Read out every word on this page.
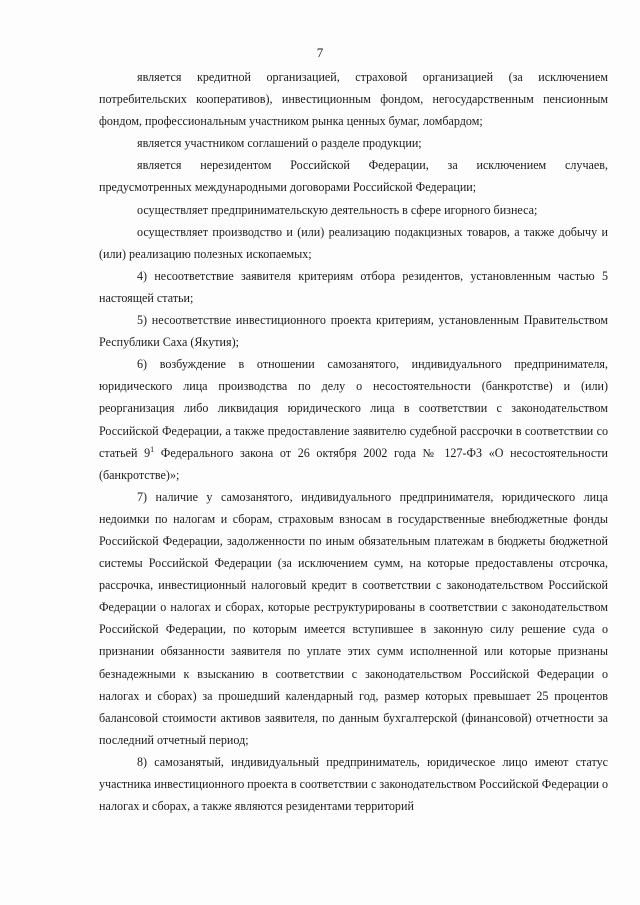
7

является кредитной организацией, страховой организацией (за исключением потребительских кооперативов), инвестиционным фондом, негосударственным пенсионным фондом, профессиональным участником рынка ценных бумаг, ломбардом;

является участником соглашений о разделе продукции;

является нерезидентом Российской Федерации, за исключением случаев, предусмотренных международными договорами Российской Федерации;

осуществляет предпринимательскую деятельность в сфере игорного бизнеса;

осуществляет производство и (или) реализацию подакцизных товаров, а также добычу и (или) реализацию полезных ископаемых;

4) несоответствие заявителя критериям отбора резидентов, установленным частью 5 настоящей статьи;

5) несоответствие инвестиционного проекта критериям, установленным Правительством Республики Саха (Якутия);

6) возбуждение в отношении самозанятого, индивидуального предпринимателя, юридического лица производства по делу о несостоятельности (банкротстве) и (или) реорганизация либо ликвидация юридического лица в соответствии с законодательством Российской Федерации, а также предоставление заявителю судебной рассрочки в соответствии со статьей $9^1$ Федерального закона от 26 октября 2002 года № 127-ФЗ «О несостоятельности (банкротстве)»;

7) наличие у самозанятого, индивидуального предпринимателя, юридического лица недоимки по налогам и сборам, страховым взносам в государственные внебюджетные фонды Российской Федерации, задолженности по иным обязательным платежам в бюджеты бюджетной системы Российской Федерации (за исключением сумм, на которые предоставлены отсрочка, рассрочка, инвестиционный налоговый кредит в соответствии с законодательством Российской Федерации о налогах и сборах, которые реструктурированы в соответствии с законодательством Российской Федерации, по которым имеется вступившее в законную силу решение суда о признании обязанности заявителя по уплате этих сумм исполненной или которые признаны безнадежными к взысканию в соответствии с законодательством Российской Федерации о налогах и сборах) за прошедший календарный год, размер которых превышает 25 процентов балансовой стоимости активов заявителя, по данным бухгалтерской (финансовой) отчетности за последний отчетный период;

8) самозанятый, индивидуальный предприниматель, юридическое лицо имеют статус участника инвестиционного проекта в соответствии с законодательством Российской Федерации о налогах и сборах, а также являются резидентами территорий
